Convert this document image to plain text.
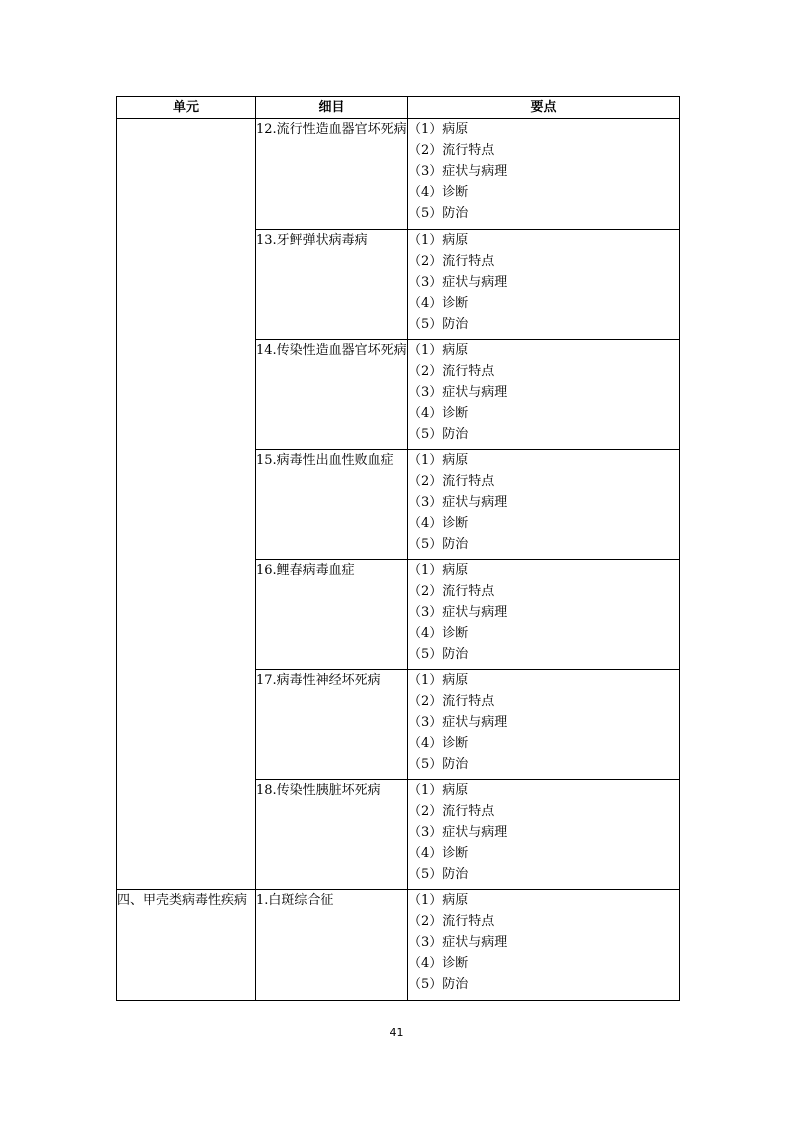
单元	细目	要点
	12.流行性造血器官坏死病	（1）病原
（2）流行特点
（3）症状与病理
（4）诊断
（5）防治

	13.牙鲆弹状病毒病	（1）病原
（2）流行特点
（3）症状与病理
（4）诊断
（5）防治

	14.传染性造血器官坏死病	（1）病原
（2）流行特点
（3）症状与病理
（4）诊断
（5）防治

	15.病毒性出血性败血症	（1）病原
（2）流行特点
（3）症状与病理
（4）诊断
（5）防治

	16.鲤春病毒血症	（1）病原
（2）流行特点
（3）症状与病理
（4）诊断
（5）防治

	17.病毒性神经坏死病	（1）病原
（2）流行特点
（3）症状与病理
（4）诊断
（5）防治

	18.传染性胰脏坏死病	（1）病原
（2）流行特点
（3）症状与病理
（4）诊断
（5）防治

四、甲壳类病毒性疾病	1.白斑综合征	（1）病原
（2）流行特点
（3）症状与病理
（4）诊断
（5）防治
41
